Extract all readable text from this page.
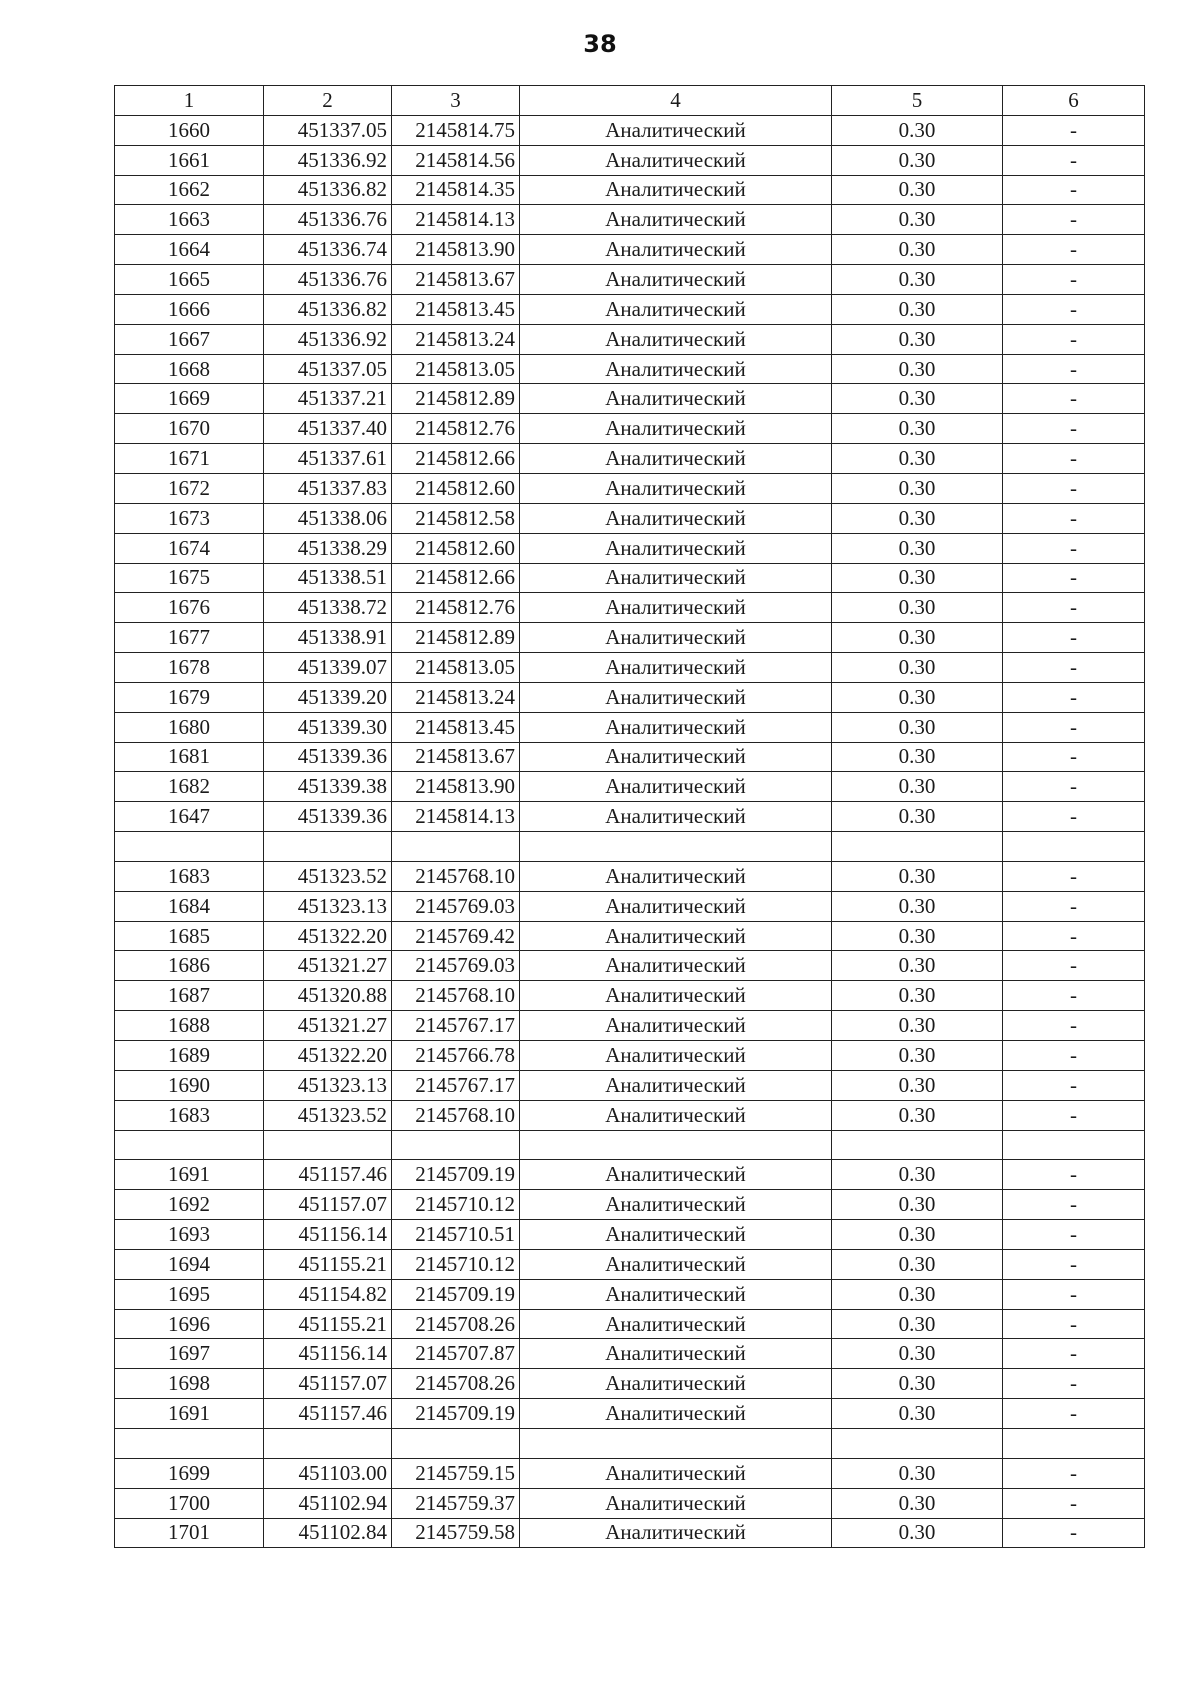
38
1	2	3	4	5	6
1660	451337.05	2145814.75	Аналитический	0.30	-
1661	451336.92	2145814.56	Аналитический	0.30	-
1662	451336.82	2145814.35	Аналитический	0.30	-
1663	451336.76	2145814.13	Аналитический	0.30	-
1664	451336.74	2145813.90	Аналитический	0.30	-
1665	451336.76	2145813.67	Аналитический	0.30	-
1666	451336.82	2145813.45	Аналитический	0.30	-
1667	451336.92	2145813.24	Аналитический	0.30	-
1668	451337.05	2145813.05	Аналитический	0.30	-
1669	451337.21	2145812.89	Аналитический	0.30	-
1670	451337.40	2145812.76	Аналитический	0.30	-
1671	451337.61	2145812.66	Аналитический	0.30	-
1672	451337.83	2145812.60	Аналитический	0.30	-
1673	451338.06	2145812.58	Аналитический	0.30	-
1674	451338.29	2145812.60	Аналитический	0.30	-
1675	451338.51	2145812.66	Аналитический	0.30	-
1676	451338.72	2145812.76	Аналитический	0.30	-
1677	451338.91	2145812.89	Аналитический	0.30	-
1678	451339.07	2145813.05	Аналитический	0.30	-
1679	451339.20	2145813.24	Аналитический	0.30	-
1680	451339.30	2145813.45	Аналитический	0.30	-
1681	451339.36	2145813.67	Аналитический	0.30	-
1682	451339.38	2145813.90	Аналитический	0.30	-
1647	451339.36	2145814.13	Аналитический	0.30	-

1683	451323.52	2145768.10	Аналитический	0.30	-
1684	451323.13	2145769.03	Аналитический	0.30	-
1685	451322.20	2145769.42	Аналитический	0.30	-
1686	451321.27	2145769.03	Аналитический	0.30	-
1687	451320.88	2145768.10	Аналитический	0.30	-
1688	451321.27	2145767.17	Аналитический	0.30	-
1689	451322.20	2145766.78	Аналитический	0.30	-
1690	451323.13	2145767.17	Аналитический	0.30	-
1683	451323.52	2145768.10	Аналитический	0.30	-

1691	451157.46	2145709.19	Аналитический	0.30	-
1692	451157.07	2145710.12	Аналитический	0.30	-
1693	451156.14	2145710.51	Аналитический	0.30	-
1694	451155.21	2145710.12	Аналитический	0.30	-
1695	451154.82	2145709.19	Аналитический	0.30	-
1696	451155.21	2145708.26	Аналитический	0.30	-
1697	451156.14	2145707.87	Аналитический	0.30	-
1698	451157.07	2145708.26	Аналитический	0.30	-
1691	451157.46	2145709.19	Аналитический	0.30	-

1699	451103.00	2145759.15	Аналитический	0.30	-
1700	451102.94	2145759.37	Аналитический	0.30	-
1701	451102.84	2145759.58	Аналитический	0.30	-
